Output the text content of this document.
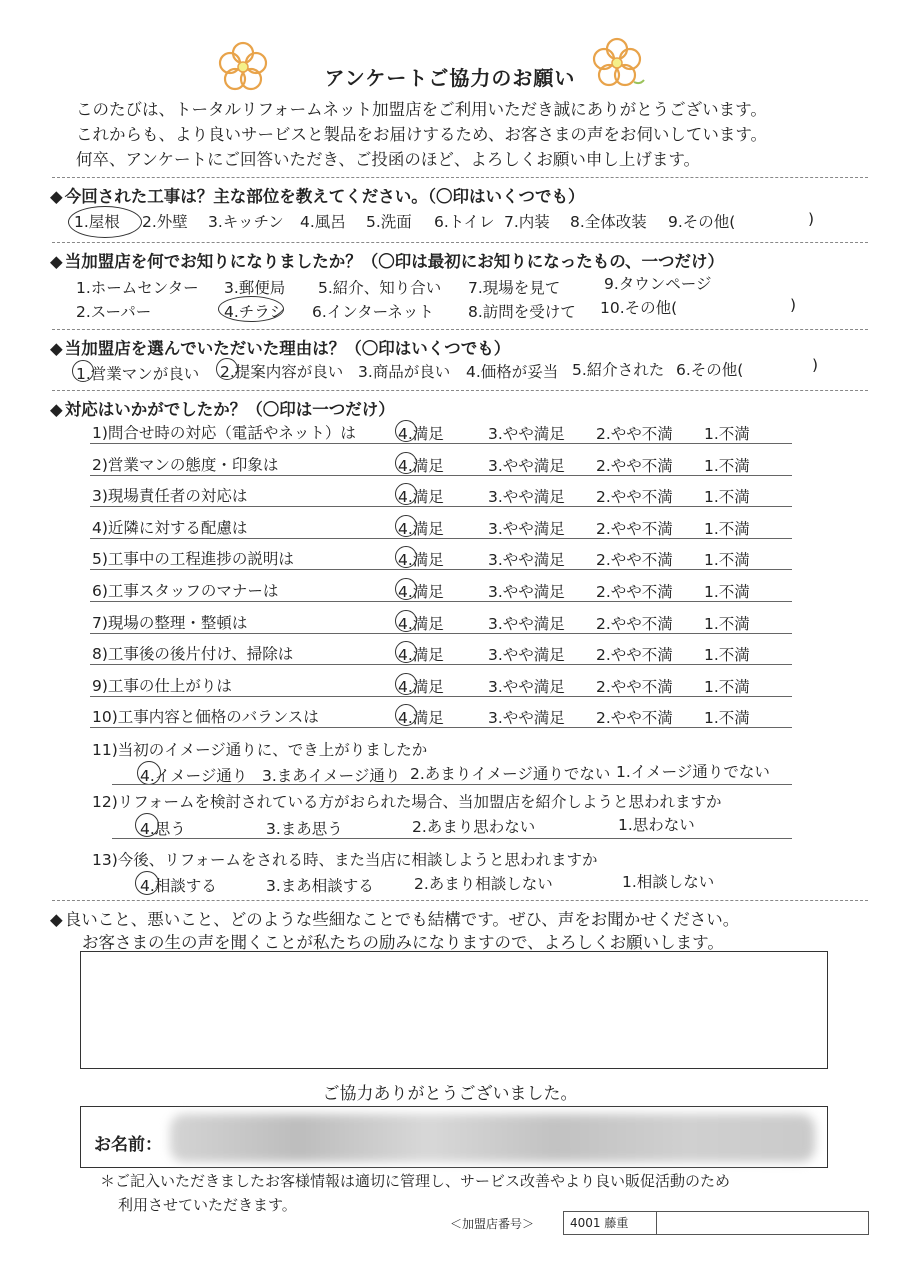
アンケートご協力のお願い
このたびは、トータルリフォームネット加盟店をご利用いただき誠にありがとうございます。
これからも、より良いサービスと製品をお届けするため、お客さまの声をお伺いしています。
何卒、アンケートにご回答いただき、ご投函のほど、よろしくお願い申し上げます。
◆ 今回された工事は？主な部位を教えてください。（〇印はいくつでも）
1.屋根 2.外壁 3.キッチン 4.風呂 5.洗面 6.トイレ 7.内装 8.全体改装 9.その他(	)
◆ 当加盟店を何でお知りになりましたか？（〇印は最初にお知りになったもの、一つだけ）
1.ホームセンター 3.郵便局 5.紹介、知り合い 7.現場を見て	9.タウンページ
2.スーパー	4.チラシ 6.インターネット 8.訪問を受けて 10.その他(	)
◆ 当加盟店を選んでいただいた理由は？（〇印はいくつでも）
1.営業マンが良い 2.提案内容が良い 3.商品が良い 4.価格が妥当 5.紹介された 6.その他(	)
◆ 対応はいかがでしたか？（〇印は一つだけ）
1)問合せ時の対応（電話やネット）は	4.満足	3.やや満足 2.やや不満 1.不満
2)営業マンの態度・印象は	4.満足	3.やや満足 2.やや不満 1.不満
3)現場責任者の対応は	4.満足	3.やや満足 2.やや不満 1.不満
4)近隣に対する配慮は	4.満足	3.やや満足 2.やや不満 1.不満
5)工事中の工程進捗の説明は	4.満足	3.やや満足 2.やや不満 1.不満
6)工事スタッフのマナーは	4.満足	3.やや満足 2.やや不満 1.不満
7)現場の整理・整頓は	4.満足	3.やや満足 2.やや不満 1.不満
8)工事後の後片付け、掃除は	4.満足	3.やや満足 2.やや不満 1.不満
9)工事の仕上がりは	4.満足	3.やや満足 2.やや不満 1.不満
10)工事内容と価格のバランスは	4.満足	3.やや満足 2.やや不満 1.不満
11)当初のイメージ通りに、でき上がりましたか
4.イメージ通り 3.まあイメージ通り 2.あまりイメージ通りでない 1.イメージ通りでない
12)リフォームを検討されている方がおられた場合、当加盟店を紹介しようと思われますか
4.思う	3.まあ思う	2.あまり思わない	1.思わない
13)今後、リフォームをされる時、また当店に相談しようと思われますか
4.相談する	3.まあ相談する	2.あまり相談しない	1.相談しない
◆ 良いこと、悪いこと、どのような些細なことでも結構です。ぜひ、声をお聞かせください。
お客さまの生の声を聞くことが私たちの励みになりますので、よろしくお願いします。
ご協力ありがとうございました。
お名前：
＊ご記入いただきましたお客様情報は適切に管理し、サービス改善やより良い販促活動のため
利用させていただきます。
＜加盟店番号＞	4001 藤重
